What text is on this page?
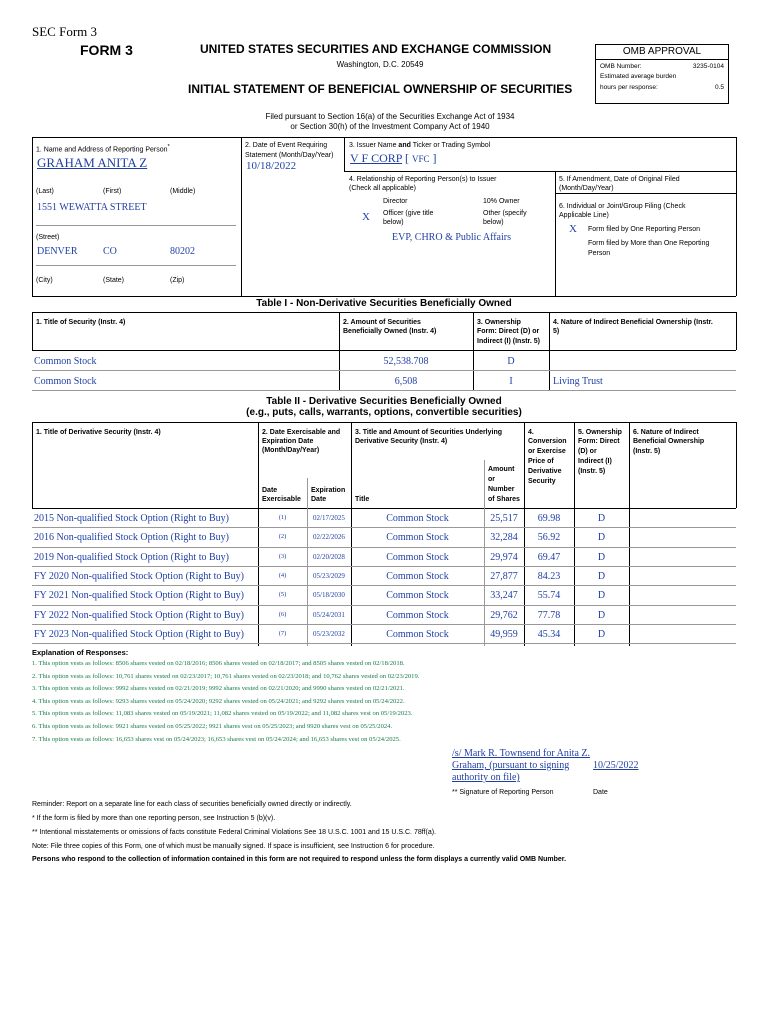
SEC Form 3
FORM 3	UNITED STATES SECURITIES AND EXCHANGE COMMISSION
Washington, D.C. 20549
INITIAL STATEMENT OF BENEFICIAL OWNERSHIP OF SECURITIES
Filed pursuant to Section 16(a) of the Securities Exchange Act of 1934
or Section 30(h) of the Investment Company Act of 1940
OMB APPROVAL
OMB Number:	3235-0104
Estimated average burden
hours per response:	0.5
1. Name and Address of Reporting Person*
GRAHAM ANITA Z
(Last)	(First)	(Middle)
1551 WEWATTA STREET
(Street)
DENVER	CO	80202
(City)	(State)	(Zip)
2. Date of Event Requiring
Statement (Month/Day/Year)
10/18/2022
3. Issuer Name and Ticker or Trading Symbol
V F CORP [ VFC ]
4. Relationship of Reporting Person(s) to Issuer
(Check all applicable)
Director	10% Owner
X Officer (give title
below)
Other (specify
below)
EVP, CHRO & Public Affairs
5. If Amendment, Date of Original Filed
(Month/Day/Year)
6. Individual or Joint/Group Filing (Check
Applicable Line)
X Form filed by One Reporting Person
Form filed by More than One Reporting
Person
Table I - Non-Derivative Securities Beneficially Owned
1. Title of Security (Instr. 4)	2. Amount of Securities
Beneficially Owned (Instr. 4)
3. Ownership
Form: Direct (D) or
Indirect (I) (Instr. 5)
4. Nature of Indirect Beneficial Ownership (Instr.
5)
Common Stock	52,538.708	D
Common Stock	6,508	I	Living Trust
Table II - Derivative Securities Beneficially Owned
(e.g., puts, calls, warrants, options, convertible securities)
1. Title of Derivative Security (Instr. 4)	2. Date Exercisable and
Expiration Date
(Month/Day/Year)
3. Title and Amount of Securities Underlying
Derivative Security (Instr. 4)
4.
Conversion
or Exercise
Price of
Derivative
Security
5. Ownership
Form: Direct
(D) or
Indirect (I)
(Instr. 5)
6. Nature of Indirect
Beneficial Ownership
(Instr. 5)
Date
Exercisable
Expiration
Date	Title
Amount
or
Number
of Shares
2015 Non-qualified Stock Option (Right to Buy)	(1)	02/17/2025	Common Stock	25,517	69.98	D
2016 Non-qualified Stock Option (Right to Buy)	(2)	02/22/2026	Common Stock	32,284	56.92	D
2019 Non-qualified Stock Option (Right to Buy)	(3)	02/20/2028	Common Stock	29,974	69.47	D
FY 2020 Non-qualified Stock Option (Right to Buy)	(4)	05/23/2029	Common Stock	27,877	84.23	D
FY 2021 Non-qualified Stock Option (Right to Buy)	(5)	05/18/2030	Common Stock	33,247	55.74	D
FY 2022 Non-qualified Stock Option (Right to Buy)	(6)	05/24/2031	Common Stock	29,762	77.78	D
FY 2023 Non-qualified Stock Option (Right to Buy)	(7)	05/23/2032	Common Stock	49,959	45.34	D
Explanation of Responses:
1. This option vests as follows: 8506 shares vested on 02/18/2016; 8506 shares vested on 02/18/2017; and 8505 shares vested on 02/18/2018.
2. This option vests as follows: 10,761 shares vested on 02/23/2017; 10,761 shares vested on 02/23/2018; and 10,762 shares vested on 02/23/2019.
3. This option vests as follows: 9992 shares vested on 02/21/2019; 9992 shares vested on 02/21/2020; and 9990 shares vested on 02/21/2021.
4. This option vests as follows: 9293 shares vested on 05/24/2020; 9292 shares vested on 05/24/2021; and 9292 shares vested on 05/24/2022.
5. This option vests as follows: 11,083 shares vested on 05/19/2021; 11,082 shares vested on 05/19/2022; and 11,082 shares vest on 05/19/2023.
6. This option vests as follows: 9921 shares vested on 05/25/2022; 9921 shares vest on 05/25/2023; and 9920 shares vest on 05/25/2024.
7. This option vests as follows: 16,653 shares vest on 05/24/2023; 16,653 shares vest on 05/24/2024; and 16,653 shares vest on 05/24/2025.
/s/ Mark R. Townsend for Anita Z.
Graham, (pursuant to signing
authority on file)
10/25/2022
** Signature of Reporting Person	Date
Reminder: Report on a separate line for each class of securities beneficially owned directly or indirectly.
* If the form is filed by more than one reporting person, see Instruction 5 (b)(v).
** Intentional misstatements or omissions of facts constitute Federal Criminal Violations See 18 U.S.C. 1001 and 15 U.S.C. 78ff(a).
Note: File three copies of this Form, one of which must be manually signed. If space is insufficient, see Instruction 6 for procedure.
Persons who respond to the collection of information contained in this form are not required to respond unless the form displays a currently valid OMB Number.
